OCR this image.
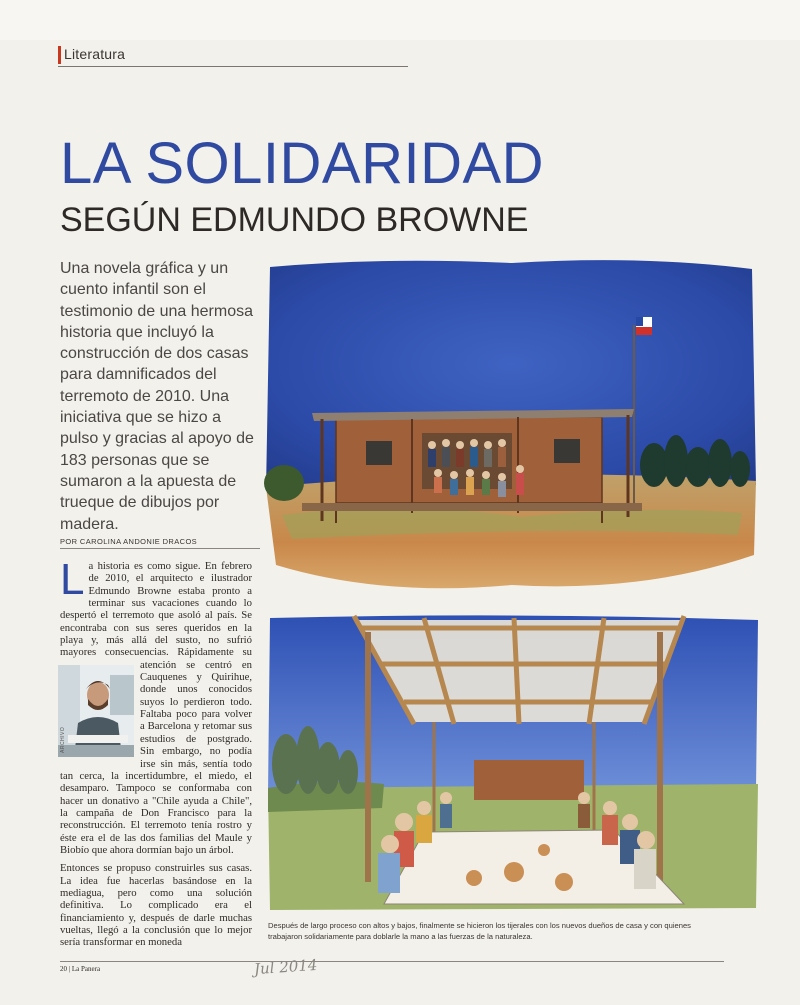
Literatura
LA SOLIDARIDAD
SEGÚN EDMUNDO BROWNE
Una novela gráfica y un cuento infantil son el testimonio de una hermosa historia que incluyó la construcción de dos casas para damnificados del terremoto de 2010. Una iniciativa que se hizo a pulso y gracias al apoyo de 183 personas que se sumaron a la apuesta de trueque de dibujos por madera.
POR CAROLINA ANDONIE DRACOS

La historia es como sigue. En febrero de 2010, el arquitecto e ilustrador Edmundo Browne estaba pronto a terminar sus vacaciones cuando lo despertó el terremoto que asoló al país. Se encontraba con sus seres queridos en la playa y, más allá del susto, no sufrió mayores consecuencias. Rápidamente su atención se centró
en Cauquenes y Quirihue, donde unos conocidos suyos lo perdieron todo. Faltaba poco para volver a Barcelona y retomar sus estudios de postgrado. Sin embargo, no podía irse sin más, sentía todo tan cerca, la incertidumbre, el miedo, el desamparo. Tampoco se conformaba con hacer un donativo a "Chile ayuda a Chile", la campaña de Don Francisco para la reconstrucción. El terremoto tenía rostro y éste era el de las dos familias del Maule y Biobío que ahora dormían bajo un árbol.

Entonces se propuso construirles sus casas. La idea fue hacerlas basándose en la mediagua, pero como una solución definitiva. Lo complicado era el financiamiento y, después de darle muchas vueltas, llegó a la conclusión que lo mejor sería transformar en moneda

ARCHIVO
Después de largo proceso con altos y bajos, finalmente se hicieron los tijerales con los nuevos dueños de casa y con quienes trabajaron solidariamente para doblarle la mano a las fuerzas de la naturaleza.
20 | La Panera	Jul 2014
